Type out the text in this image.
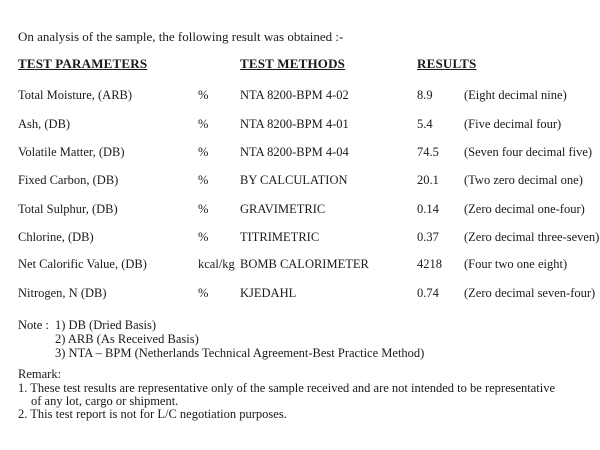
On analysis of the sample, the following result was obtained :-
TEST PARAMETERS	TEST METHODS	RESULTS
Total Moisture, (ARB)	%	NTA 8200-BPM 4-02	8.9	(Eight decimal nine)
Ash, (DB)	%	NTA 8200-BPM 4-01	5.4	(Five decimal four)
Volatile Matter, (DB)	%	NTA 8200-BPM 4-04	74.5 (Seven four decimal five)
Fixed Carbon, (DB)	%	BY CALCULATION	20.1 (Two zero decimal one)
Total Sulphur, (DB)	%	GRAVIMETRIC	0.14 (Zero decimal one-four)
Chlorine, (DB)	%	TITRIMETRIC	0.37 (Zero decimal three-seven)
Net Calorific Value, (DB)	kcal/kg BOMB CALORIMETER	4218 (Four two one eight)
Nitrogen, N (DB)	%	KJEDAHL	0.74 (Zero decimal seven-four)
Note : 1) DB (Dried Basis)
2) ARB (As Received Basis)
3) NTA – BPM (Netherlands Technical Agreement-Best Practice Method)
Remark:
1. These test results are representative only of the sample received and are not intended to be representative
of any lot, cargo or shipment.
2. This test report is not for L/C negotiation purposes.
